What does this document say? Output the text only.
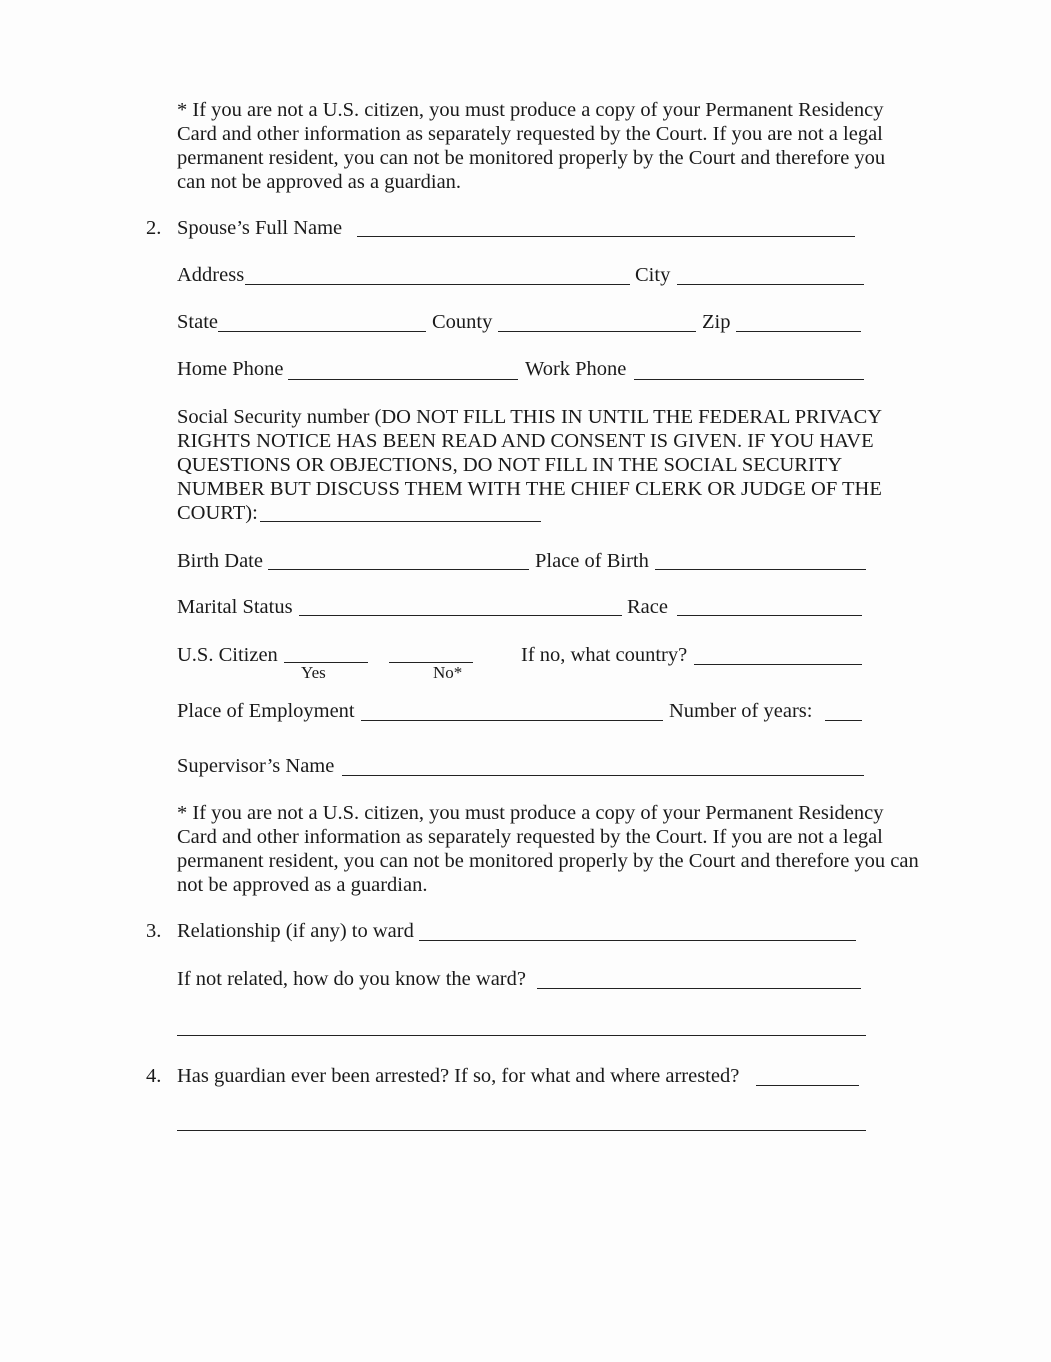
* If you are not a U.S. citizen, you must produce a copy of your Permanent Residency Card and other information as separately requested by the Court. If you are not a legal permanent resident, you can not be monitored properly by the Court and therefore you can not be approved as a guardian.

2. Spouse’s Full Name
Address	City
State	County	Zip
Home Phone	Work Phone

Social Security number (DO NOT FILL THIS IN UNTIL THE FEDERAL PRIVACY RIGHTS NOTICE HAS BEEN READ AND CONSENT IS GIVEN. IF YOU HAVE QUESTIONS OR OBJECTIONS, DO NOT FILL IN THE SOCIAL SECURITY NUMBER BUT DISCUSS THEM WITH THE CHIEF CLERK OR JUDGE OF THE COURT):

Birth Date	Place of Birth
Marital Status	Race
U.S. Citizen
Yes	No*
If no, what country?
Place of Employment	Number of years:
Supervisor’s Name

* If you are not a U.S. citizen, you must produce a copy of your Permanent Residency Card and other information as separately requested by the Court. If you are not a legal permanent resident, you can not be monitored properly by the Court and therefore you can not be approved as a guardian.

3. Relationship (if any) to ward
If not related, how do you know the ward?
4. Has guardian ever been arrested? If so, for what and where arrested?
